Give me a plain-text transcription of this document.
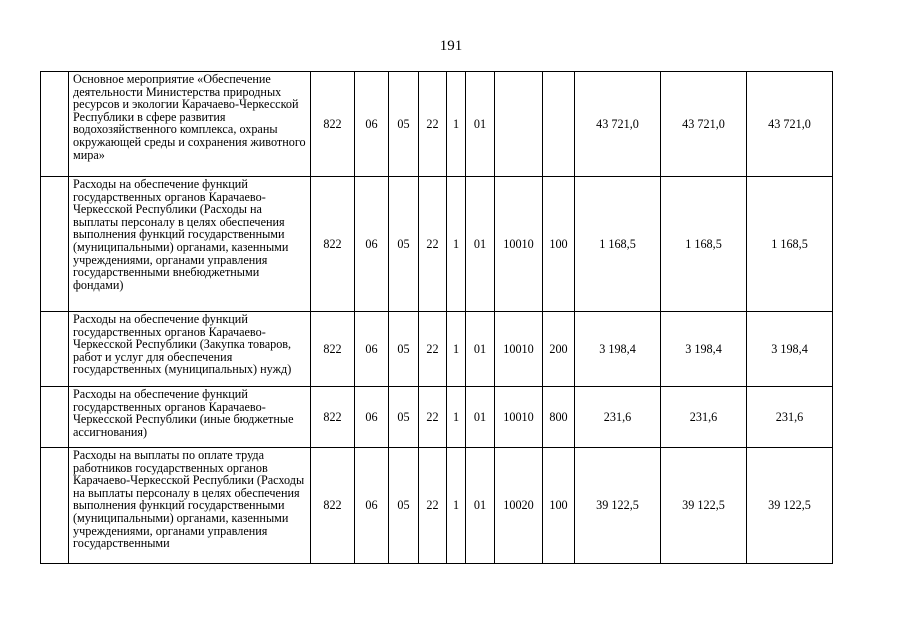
191
	Основное мероприятие «Обеспечение деятельности Министерства природных ресурсов и экологии Карачаево-Черкесской Республики в сфере развития водохозяйственного комплекса, охраны окружающей среды и сохранения животного мира»	822	06	05	22	1	01			43 721,0	43 721,0	43 721,0
	Расходы на обеспечение функций государственных органов Карачаево-Черкесской Республики (Расходы на выплаты персоналу в целях обеспечения выполнения функций государственными (муниципальными) органами, казенными учреждениями, органами управления государственными внебюджетными фондами)	822	06	05	22	1	01	10010	100	1 168,5	1 168,5	1 168,5
	Расходы на обеспечение функций государственных органов Карачаево-Черкесской Республики (Закупка товаров, работ и услуг для обеспечения государственных (муниципальных) нужд)	822	06	05	22	1	01	10010	200	3 198,4	3 198,4	3 198,4
	Расходы на обеспечение функций государственных органов Карачаево-Черкесской Республики (иные бюджетные ассигнования)	822	06	05	22	1	01	10010	800	231,6	231,6	231,6
	Расходы на выплаты по оплате труда работников государственных органов Карачаево-Черкесской Республики (Расходы на выплаты персоналу в целях обеспечения выполнения функций государственными (муниципальными) органами, казенными учреждениями, органами управления государственными	822	06	05	22	1	01	10020	100	39 122,5	39 122,5	39 122,5
